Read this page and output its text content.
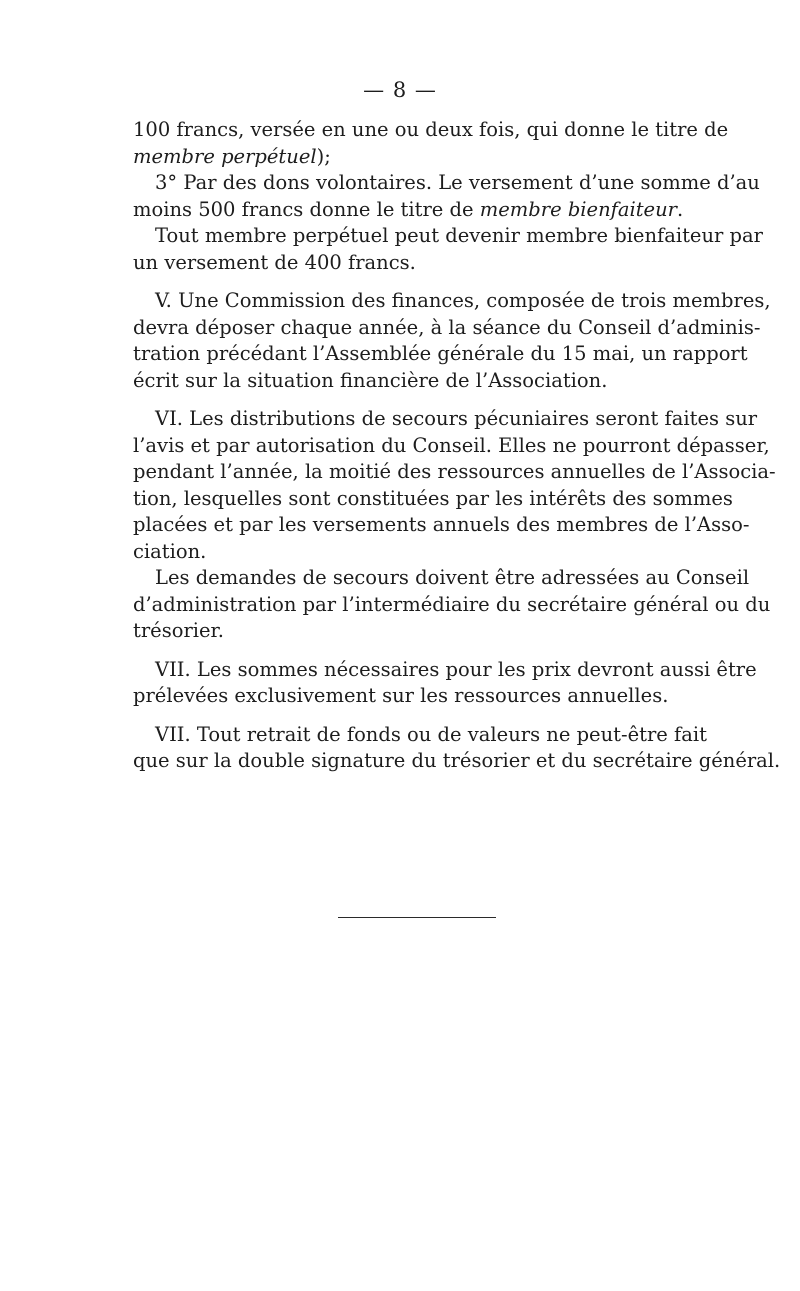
— 8 —
100 francs, versée en une ou deux fois, qui donne le titre de
membre perpétuel);
3° Par des dons volontaires. Le versement d’une somme d’au
moins 500 francs donne le titre de membre bienfaiteur.
Tout membre perpétuel peut devenir membre bienfaiteur par
un versement de 400 francs.
V. Une Commission des finances, composée de trois membres,
devra déposer chaque année, à la séance du Conseil d’adminis-
tration précédant l’Assemblée générale du 15 mai, un rapport
écrit sur la situation financière de l’Association.
VI. Les distributions de secours pécuniaires seront faites sur
l’avis et par autorisation du Conseil. Elles ne pourront dépasser,
pendant l’année, la moitié des ressources annuelles de l’Associa-
tion, lesquelles sont constituées par les intérêts des sommes
placées et par les versements annuels des membres de l’Asso-
ciation.
Les demandes de secours doivent être adressées au Conseil
d’administration par l’intermédiaire du secrétaire général ou du
trésorier.
VII. Les sommes nécessaires pour les prix devront aussi être
prélevées exclusivement sur les ressources annuelles.
VII. Tout retrait de fonds ou de valeurs ne peut-être fait
que sur la double signature du trésorier et du secrétaire général.
